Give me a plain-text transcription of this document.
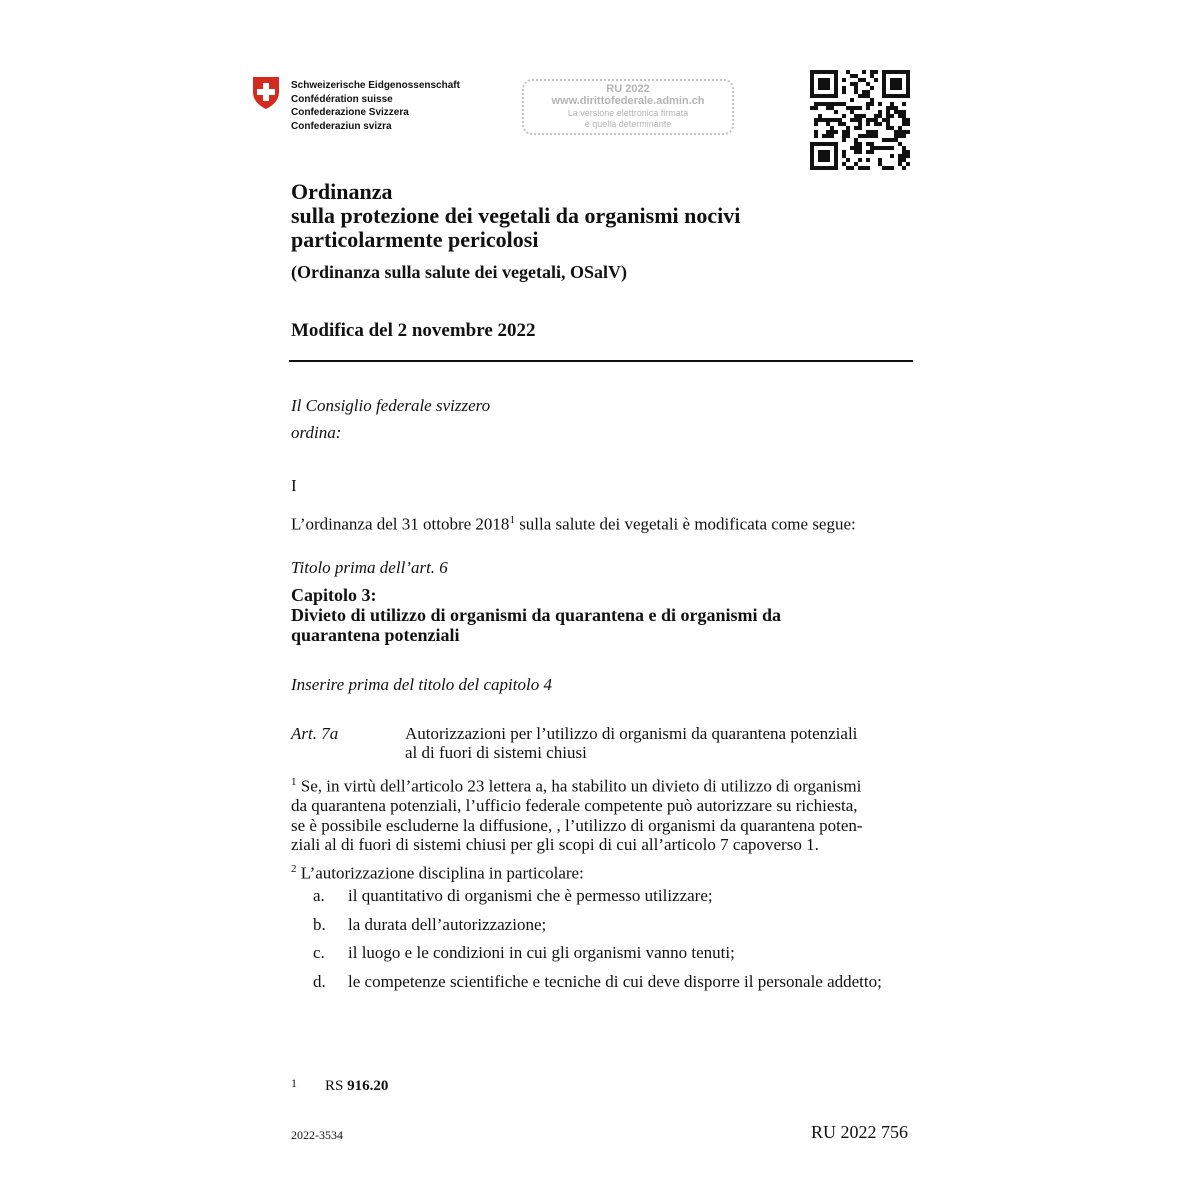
Schweizerische Eidgenossenschaft
Confédération suisse
Confederazione Svizzera
Confederaziun svizra
RU 2022
www.dirittofederale.admin.ch
La versione elettronica firmata
è quella determinante
Ordinanza
sulla protezione dei vegetali da organismi nocivi
particolarmente pericolosi
(Ordinanza sulla salute dei vegetali, OSalV)
Modifica del 2 novembre 2022
Il Consiglio federale svizzero
ordina:
I
L’ordinanza del 31 ottobre 2018$^1$ sulla salute dei vegetali è modificata come segue:
Titolo prima dell’art. 6
Capitolo 3:
Divieto di utilizzo di organismi da quarantena e di organismi da
quarantena potenziali
Inserire prima del titolo del capitolo 4
Art. 7a	Autorizzazioni per l’utilizzo di organismi da quarantena potenziali
al di fuori di sistemi chiusi
$^1$ Se, in virtù dell’articolo 23 lettera a, ha stabilito un divieto di utilizzo di organismi
da quarantena potenziali, l’ufficio federale competente può autorizzare su richiesta,
se è possibile escluderne la diffusione, , l’utilizzo di organismi da quarantena poten-
ziali al di fuori di sistemi chiusi per gli scopi di cui all’articolo 7 capoverso 1.
$^2$ L’autorizzazione disciplina in particolare:
a. il quantitativo di organismi che è permesso utilizzare;
b. la durata dell’autorizzazione;
c. il luogo e le condizioni in cui gli organismi vanno tenuti;
d. le competenze scientifiche e tecniche di cui deve disporre il personale addetto;
1 RS 916.20
2022-3534	RU 2022 756
